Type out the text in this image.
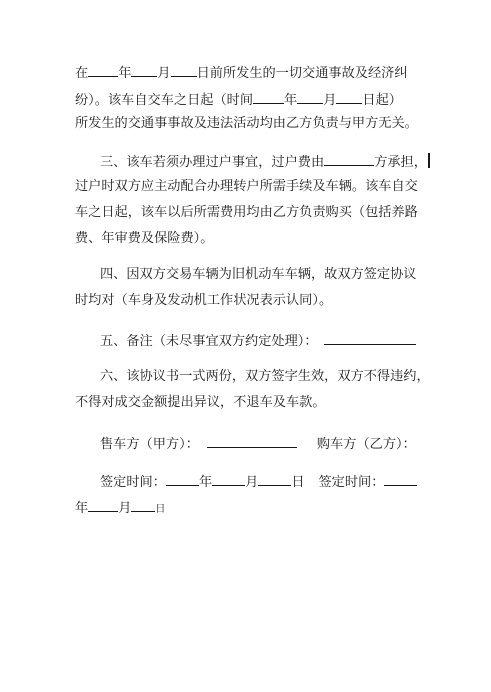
在 年 月 日前所发生的一切交通事故及经济纠
纷）。该车自交车之日起（时间 年 月 日起）
所发生的交通事事故及违法活动均由乙方负责与甲方无关。
三、该车若须办理过户事宜，过户费由	方承担，
过户时双方应主动配合办理转户所需手续及车辆。该车自交
车之日起，该车以后所需费用均由乙方负责购买（包括养路
费、年审费及保险费）。
四、因双方交易车辆为旧机动车车辆，故双方签定协议
时均对（车身及发动机工作状况表示认同）。
五、备注（未尽事宜双方约定处理）：
六、该协议书一式两份，双方签字生效，双方不得违约，
不得对成交金额提出异议，不退车及车款。
售车方（甲方）：	购车方（乙方）：
签定时间：	年	月	日 签定时间：
年 月 日
